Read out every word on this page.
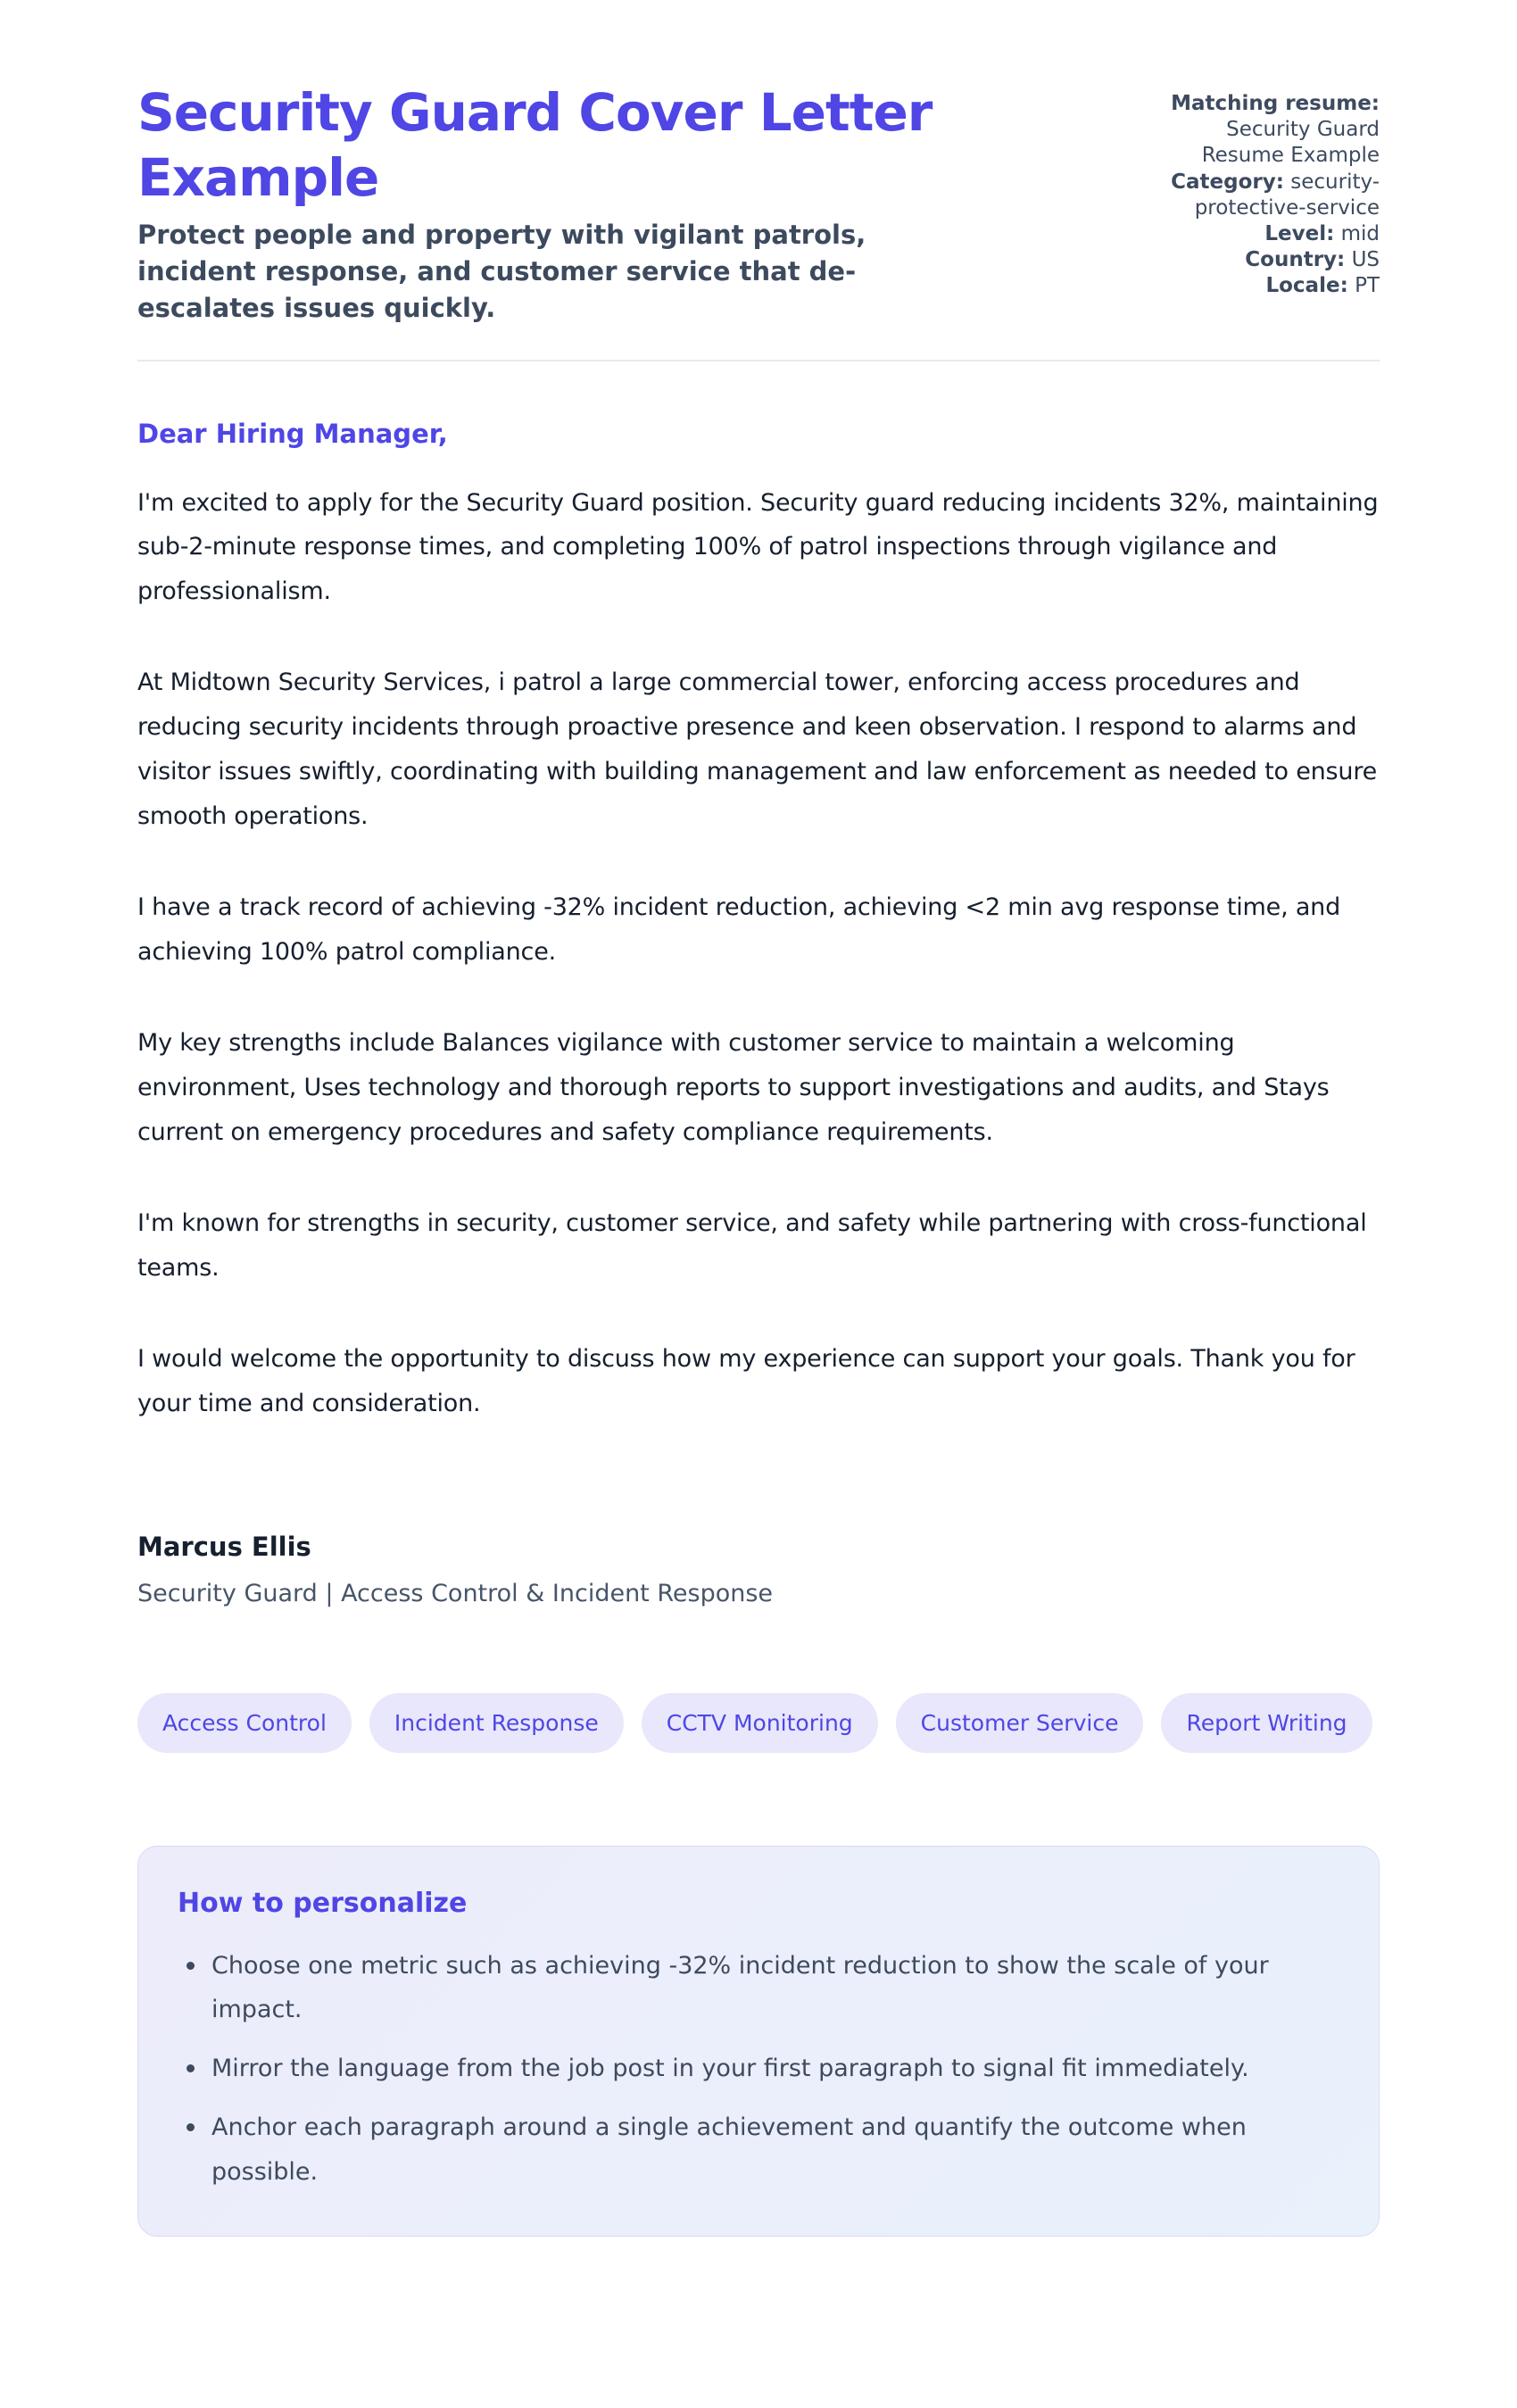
Security Guard Cover Letter Example

Protect people and property with vigilant patrols, incident response, and customer service that de-escalates issues quickly.

Matching resume: Security Guard Resume Example
Category: security-protective-service
Level: mid
Country: US
Locale: PT

Dear Hiring Manager,

I'm excited to apply for the Security Guard position. Security guard reducing incidents 32%, maintaining sub-2-minute response times, and completing 100% of patrol inspections through vigilance and professionalism.

At Midtown Security Services, i patrol a large commercial tower, enforcing access procedures and reducing security incidents through proactive presence and keen observation. I respond to alarms and visitor issues swiftly, coordinating with building management and law enforcement as needed to ensure smooth operations.

I have a track record of achieving -32% incident reduction, achieving <2 min avg response time, and achieving 100% patrol compliance.

My key strengths include Balances vigilance with customer service to maintain a welcoming environment, Uses technology and thorough reports to support investigations and audits, and Stays current on emergency procedures and safety compliance requirements.

I'm known for strengths in security, customer service, and safety while partnering with cross-functional teams.

I would welcome the opportunity to discuss how my experience can support your goals. Thank you for your time and consideration.

Marcus Ellis

Security Guard | Access Control & Incident Response

Access Control	Incident Response	CCTV Monitoring	Customer Service	Report Writing
How to personalize
Choose one metric such as achieving -32% incident reduction to show the scale of your impact.
Mirror the language from the job post in your first paragraph to signal fit immediately.
Anchor each paragraph around a single achievement and quantify the outcome when possible.
